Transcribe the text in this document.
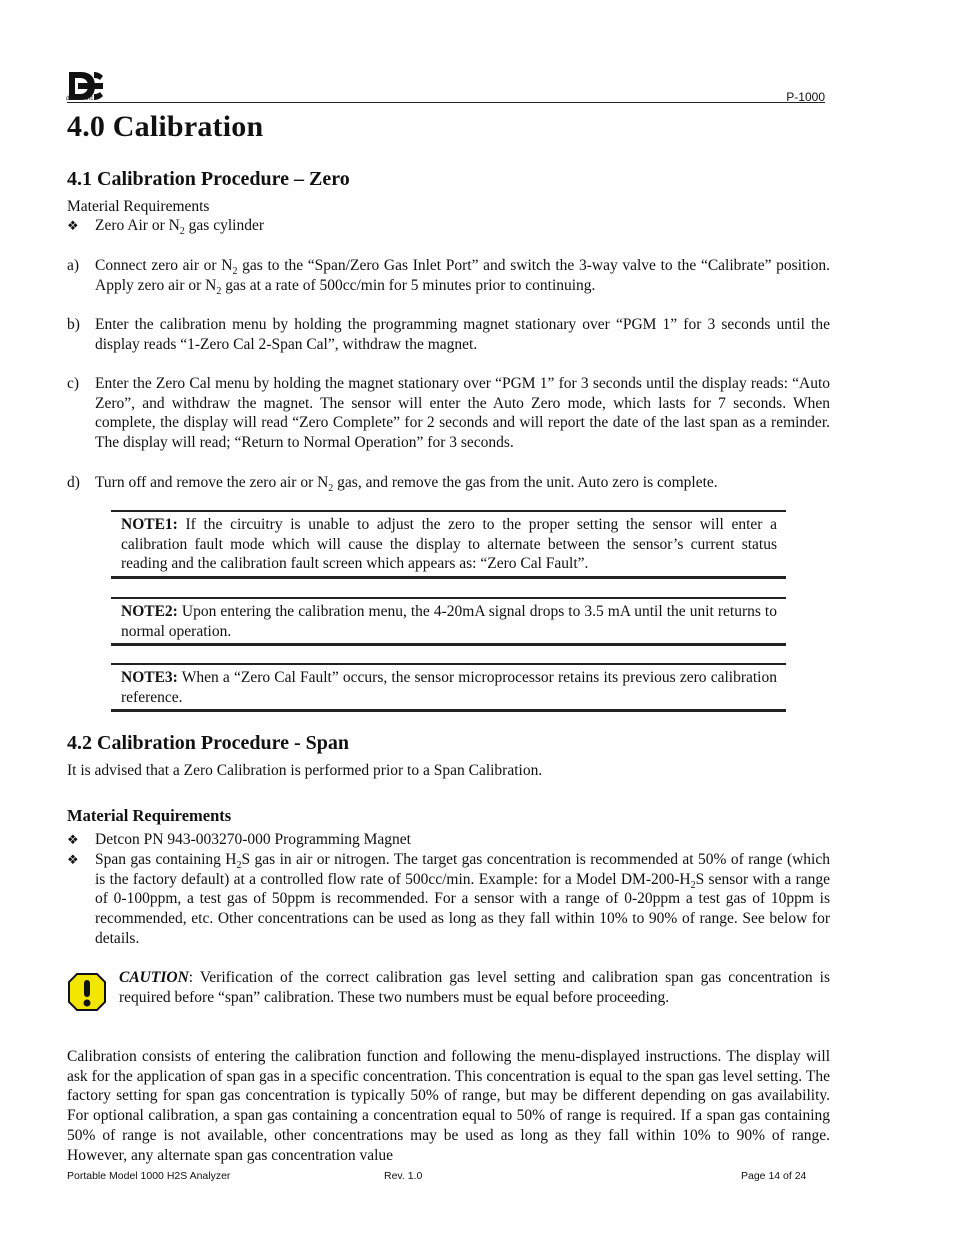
detcon inc	P-1000
4.0 Calibration
4.1 Calibration Procedure – Zero
Material Requirements
❖ Zero Air or $N_2$ gas cylinder
a) Connect zero air or $N_2$ gas to the “Span/Zero Gas Inlet Port” and switch the 3-way valve to the “Calibrate” position. Apply zero air or $N_2$ gas at a rate of 500cc/min for 5 minutes prior to continuing.
b) Enter the calibration menu by holding the programming magnet stationary over “PGM 1” for 3 seconds until the display reads “1-Zero Cal 2-Span Cal”, withdraw the magnet.
c) Enter the Zero Cal menu by holding the magnet stationary over “PGM 1” for 3 seconds until the display reads: “Auto Zero”, and withdraw the magnet. The sensor will enter the Auto Zero mode, which lasts for 7 seconds. When complete, the display will read “Zero Complete” for 2 seconds and will report the date of the last span as a reminder. The display will read; “Return to Normal Operation” for 3 seconds.
d) Turn off and remove the zero air or $N_2$ gas, and remove the gas from the unit. Auto zero is complete.
NOTE1: If the circuitry is unable to adjust the zero to the proper setting the sensor will enter a calibration fault mode which will cause the display to alternate between the sensor’s current status reading and the calibration fault screen which appears as: “Zero Cal Fault”.
NOTE2: Upon entering the calibration menu, the 4-20mA signal drops to 3.5 mA until the unit returns to normal operation.
NOTE3: When a “Zero Cal Fault” occurs, the sensor microprocessor retains its previous zero calibration reference.
4.2 Calibration Procedure - Span
It is advised that a Zero Calibration is performed prior to a Span Calibration.
Material Requirements
❖ Detcon PN 943-003270-000 Programming Magnet
❖ Span gas containing $H_2S$ gas in air or nitrogen. The target gas concentration is recommended at 50% of range (which is the factory default) at a controlled flow rate of 500cc/min. Example: for a Model $DM-200-H_2S$ sensor with a range of 0-100ppm, a test gas of 50ppm is recommended. For a sensor with a range of 0-20ppm a test gas of 10ppm is recommended, etc. Other concentrations can be used as long as they fall within 10% to 90% of range. See below for details.
CAUTION: Verification of the correct calibration gas level setting and calibration span gas concentration is required before “span” calibration. These two numbers must be equal before proceeding.
Calibration consists of entering the calibration function and following the menu-displayed instructions. The display will ask for the application of span gas in a specific concentration. This concentration is equal to the span gas level setting. The factory setting for span gas concentration is typically 50% of range, but may be different depending on gas availability. For optional calibration, a span gas containing a concentration equal to 50% of range is required. If a span gas containing 50% of range is not available, other concentrations may be used as long as they fall within 10% to 90% of range. However, any alternate span gas concentration value
Portable Model 1000 H2S Analyzer	Rev. 1.0	Page 14 of 24
